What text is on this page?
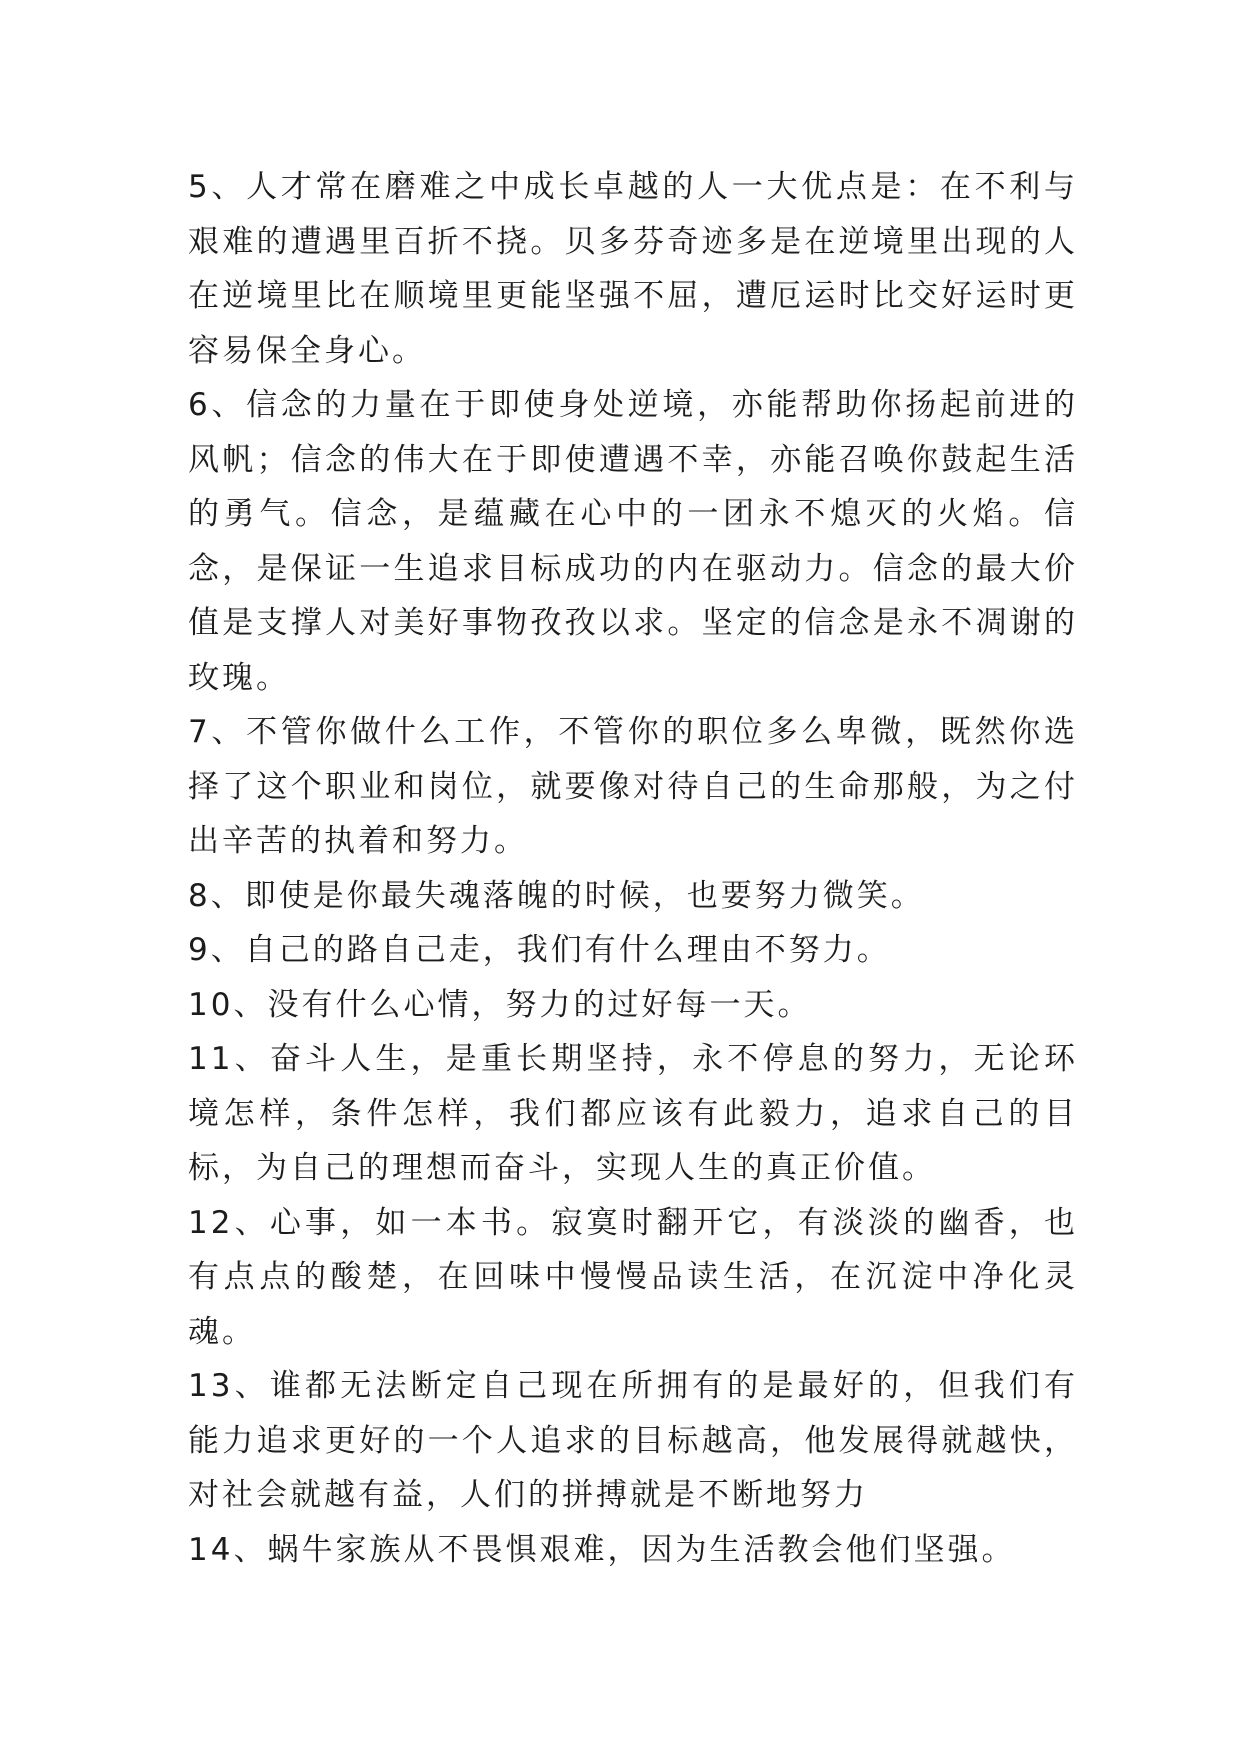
5、人才常在磨难之中成长卓越的人一大优点是：在不利与艰难的遭遇里百折不挠。贝多芬奇迹多是在逆境里出现的人在逆境里比在顺境里更能坚强不屈，遭厄运时比交好运时更容易保全身心。

6、信念的力量在于即使身处逆境，亦能帮助你扬起前进的风帆；信念的伟大在于即使遭遇不幸，亦能召唤你鼓起生活的勇气。信念，是蕴藏在心中的一团永不熄灭的火焰。信念，是保证一生追求目标成功的内在驱动力。信念的最大价值是支撑人对美好事物孜孜以求。坚定的信念是永不凋谢的玫瑰。

7、不管你做什么工作，不管你的职位多么卑微，既然你选择了这个职业和岗位，就要像对待自己的生命那般，为之付出辛苦的执着和努力。

8、即使是你最失魂落魄的时候，也要努力微笑。

9、自己的路自己走，我们有什么理由不努力。

10、没有什么心情，努力的过好每一天。

11、奋斗人生，是重长期坚持，永不停息的努力，无论环境怎样，条件怎样，我们都应该有此毅力，追求自己的目标，为自己的理想而奋斗，实现人生的真正价值。

12、心事，如一本书。寂寞时翻开它，有淡淡的幽香，也有点点的酸楚，在回味中慢慢品读生活，在沉淀中净化灵魂。

13、谁都无法断定自己现在所拥有的是最好的，但我们有能力追求更好的一个人追求的目标越高，他发展得就越快，对社会就越有益，人们的拼搏就是不断地努力

14、蜗牛家族从不畏惧艰难，因为生活教会他们坚强。
